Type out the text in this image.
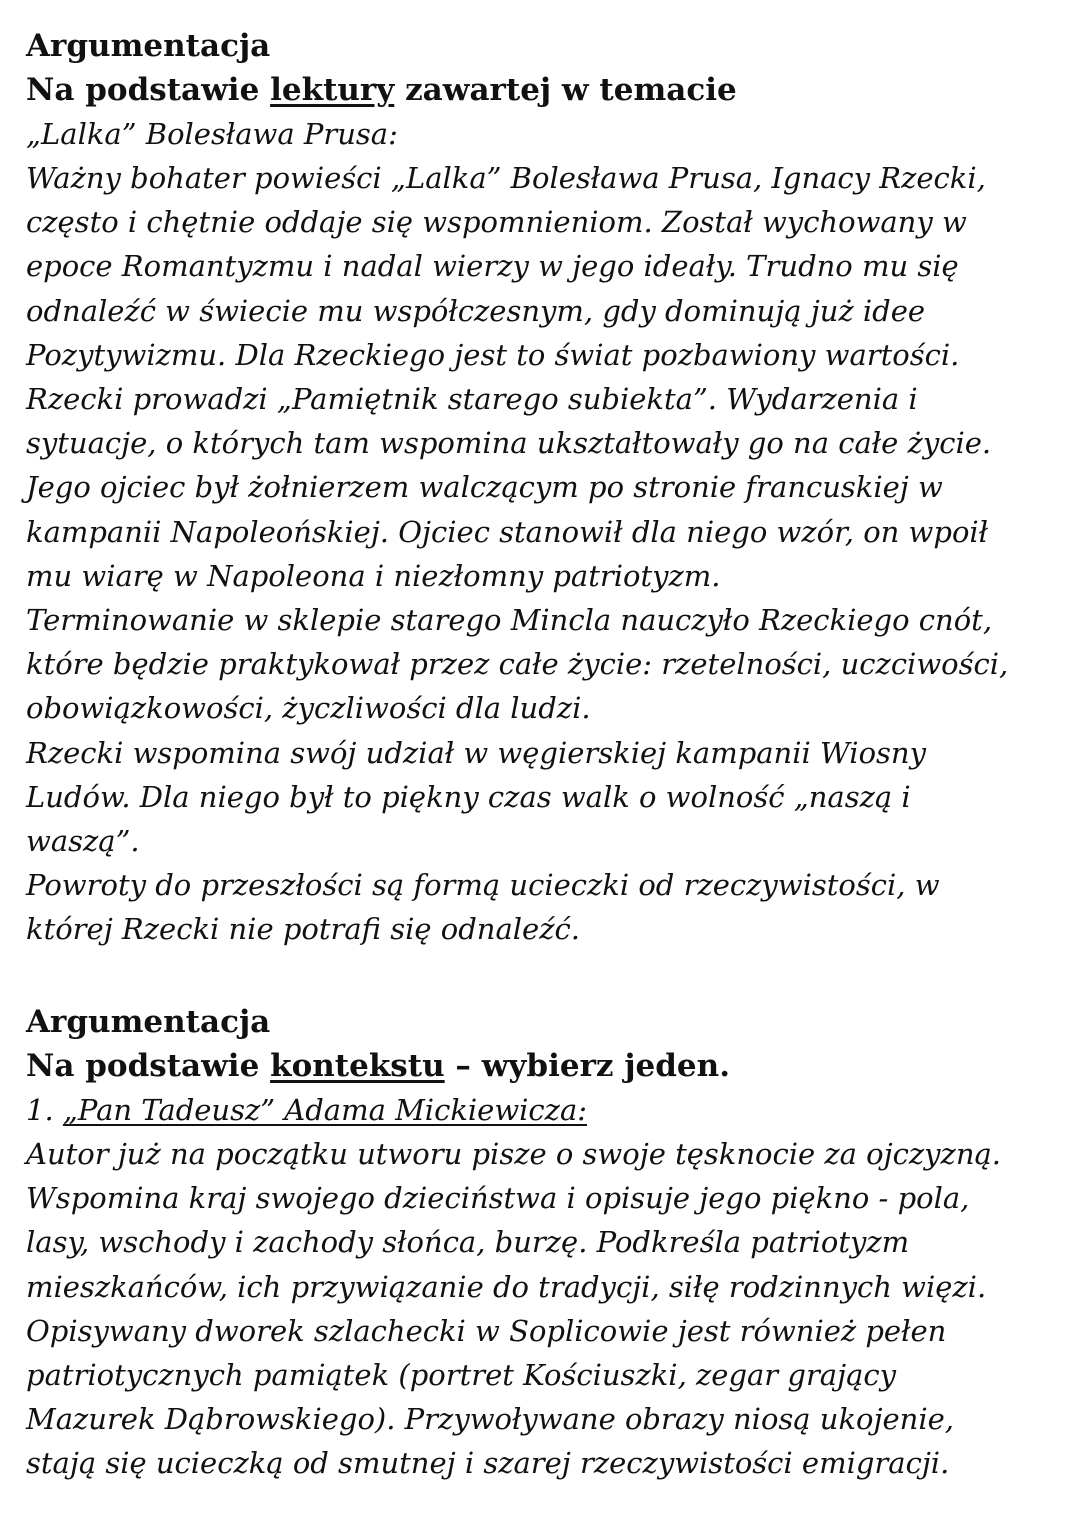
Argumentacja
Na podstawie lektury zawartej w temacie
„Lalka” Bolesława Prusa:
Ważny bohater powieści „Lalka” Bolesława Prusa, Ignacy Rzecki,
często i chętnie oddaje się wspomnieniom. Został wychowany w
epoce Romantyzmu i nadal wierzy w jego ideały. Trudno mu się
odnaleźć w świecie mu współczesnym, gdy dominują już idee
Pozytywizmu. Dla Rzeckiego jest to świat pozbawiony wartości.
Rzecki prowadzi „Pamiętnik starego subiekta”. Wydarzenia i
sytuacje, o których tam wspomina ukształtowały go na całe życie.
Jego ojciec był żołnierzem walczącym po stronie francuskiej w
kampanii Napoleońskiej. Ojciec stanowił dla niego wzór, on wpoił
mu wiarę w Napoleona i niezłomny patriotyzm.
Terminowanie w sklepie starego Mincla nauczyło Rzeckiego cnót,
które będzie praktykował przez całe życie: rzetelności, uczciwości,
obowiązkowości, życzliwości dla ludzi.
Rzecki wspomina swój udział w węgierskiej kampanii Wiosny
Ludów. Dla niego był to piękny czas walk o wolność „naszą i
waszą”.
Powroty do przeszłości są formą ucieczki od rzeczywistości, w
której Rzecki nie potrafi się odnaleźć.
Argumentacja
Na podstawie kontekstu – wybierz jeden.
1. „Pan Tadeusz” Adama Mickiewicza:
Autor już na początku utworu pisze o swoje tęsknocie za ojczyzną.
Wspomina kraj swojego dzieciństwa i opisuje jego piękno - pola,
lasy, wschody i zachody słońca, burzę. Podkreśla patriotyzm
mieszkańców, ich przywiązanie do tradycji, siłę rodzinnych więzi.
Opisywany dworek szlachecki w Soplicowie jest również pełen
patriotycznych pamiątek (portret Kościuszki, zegar grający
Mazurek Dąbrowskiego). Przywoływane obrazy niosą ukojenie,
stają się ucieczką od smutnej i szarej rzeczywistości emigracji.
